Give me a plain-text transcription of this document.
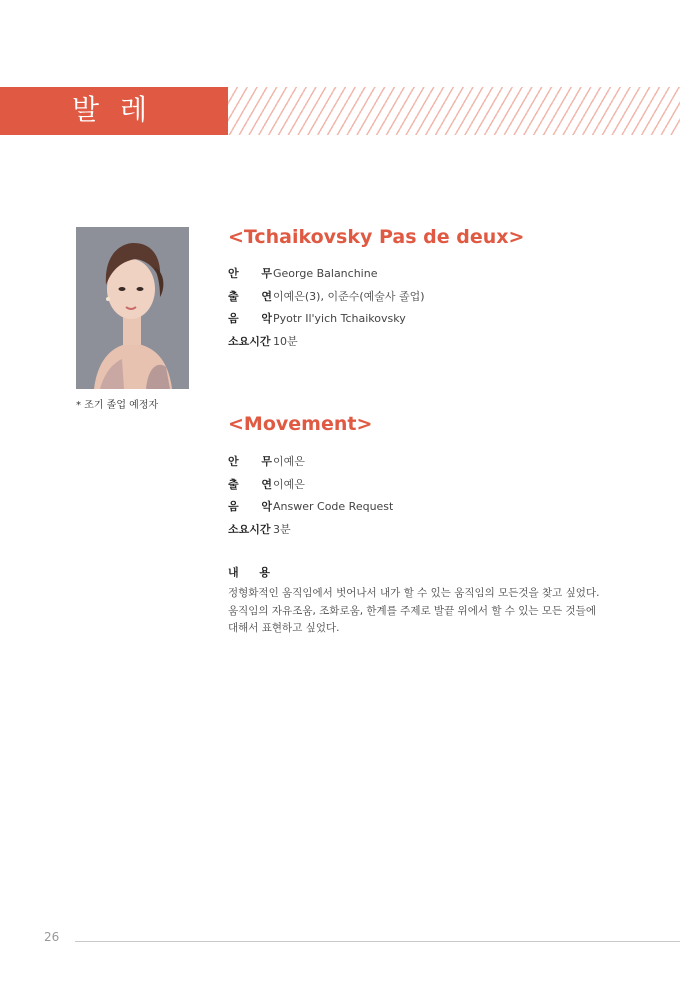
발 레
* 조기 졸업 예정자
<Tchaikovsky Pas de deux>
안 무 George Balanchine
출 연 이예은(3), 이준수(예술사 졸업)
음 악 Pyotr Il'yich Tchaikovsky
소요시간 10분
<Movement>
안 무 이예은
출 연 이예은
음 악 Answer Code Request
소요시간 3분
내 용
정형화적인 움직임에서 벗어나서 내가 할 수 있는 움직임의 모든것을 찾고 싶었다.
움직임의 자유조움, 조화로움, 한계를 주제로 발끝 위에서 할 수 있는 모든 것들에
대해서 표현하고 싶었다.
26
